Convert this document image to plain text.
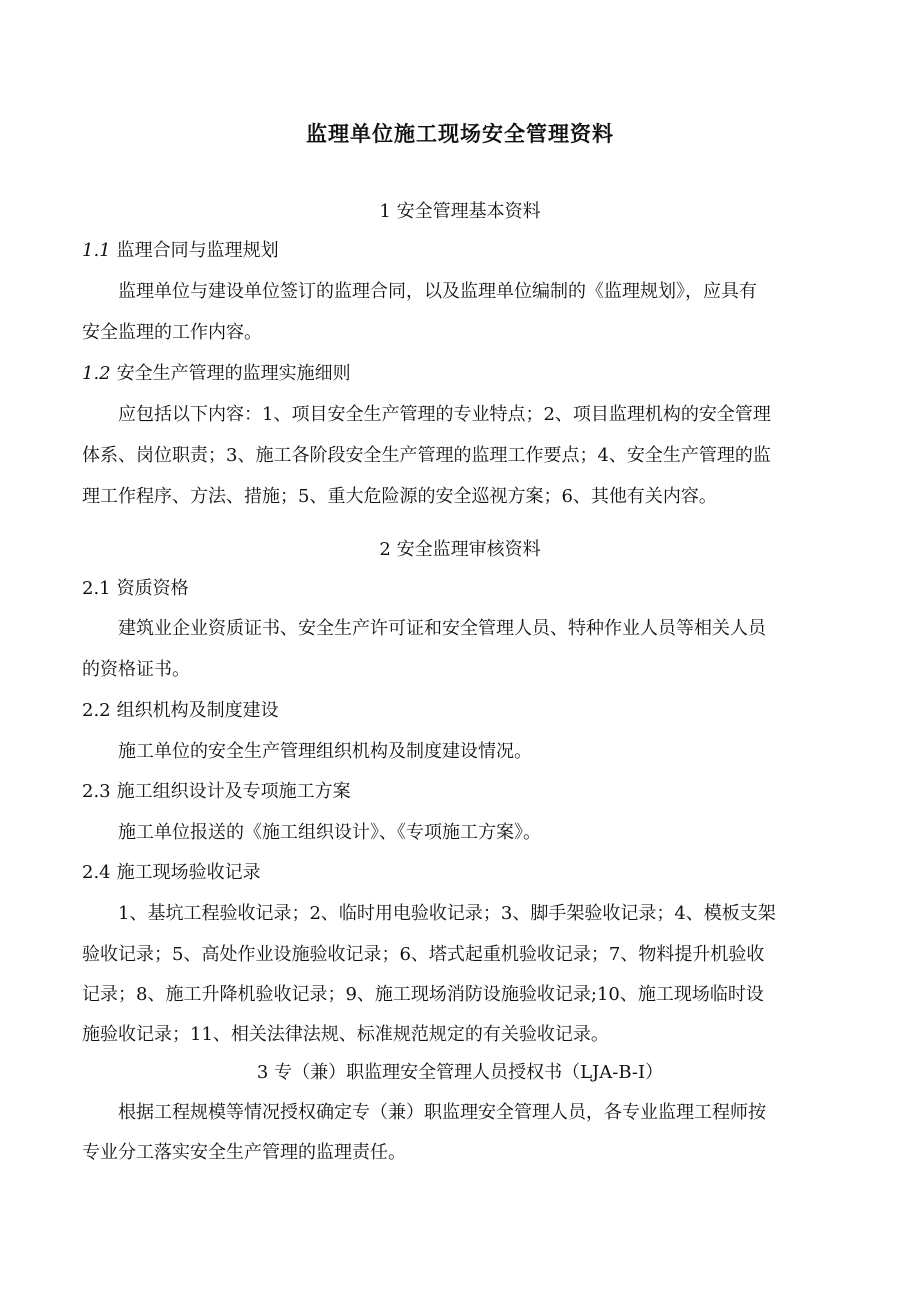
监理单位施工现场安全管理资料
1 安全管理基本资料
1.1 监理合同与监理规划
监理单位与建设单位签订的监理合同，以及监理单位编制的《监理规划》，应具有
安全监理的工作内容。
1.2 安全生产管理的监理实施细则
应包括以下内容：1、项目安全生产管理的专业特点；2、项目监理机构的安全管理
体系、岗位职责；3、施工各阶段安全生产管理的监理工作要点；4、安全生产管理的监
理工作程序、方法、措施；5、重大危险源的安全巡视方案；6、其他有关内容。
2 安全监理审核资料
2.1 资质资格
建筑业企业资质证书、安全生产许可证和安全管理人员、特种作业人员等相关人员
的资格证书。
2.2 组织机构及制度建设
施工单位的安全生产管理组织机构及制度建设情况。
2.3 施工组织设计及专项施工方案
施工单位报送的《施工组织设计》、《专项施工方案》。
2.4 施工现场验收记录
1、基坑工程验收记录；2、临时用电验收记录；3、脚手架验收记录；4、模板支架
验收记录；5、高处作业设施验收记录；6、塔式起重机验收记录；7、物料提升机验收
记录；8、施工升降机验收记录；9、施工现场消防设施验收记录;10、施工现场临时设
施验收记录；11、相关法律法规、标准规范规定的有关验收记录。
3 专（兼）职监理安全管理人员授权书（LJA-B-I）
根据工程规模等情况授权确定专（兼）职监理安全管理人员，各专业监理工程师按
专业分工落实安全生产管理的监理责任。
